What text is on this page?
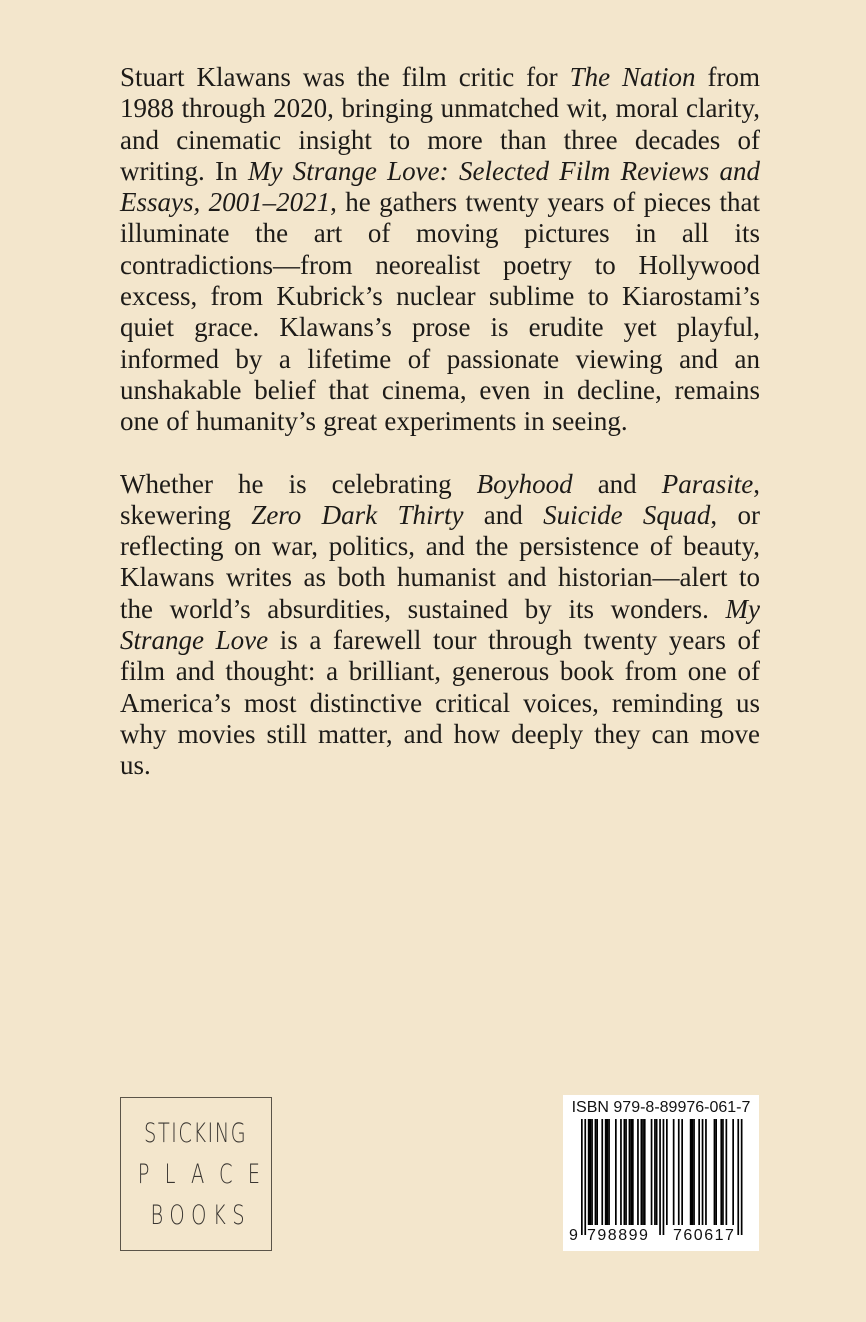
Stuart Klawans was the film critic for The Nation from 1988 through 2020, bringing unmatched wit, moral clarity, and cinematic insight to more than three decades of writing. In My Strange Love: Selected Film Reviews and Essays, 2001–2021, he gathers twenty years of pieces that illuminate the art of moving pictures in all its contradictions—from neorealist poetry to Hollywood excess, from Kubrick’s nuclear sublime to Kiarostami’s quiet grace. Klawans’s prose is erudite yet playful, informed by a lifetime of passionate viewing and an unshakable belief that cinema, even in decline, remains one of humanity’s great experiments in seeing.

Whether he is celebrating Boyhood and Parasite, skewering Zero Dark Thirty and Suicide Squad, or reflecting on war, politics, and the persistence of beauty, Klawans writes as both humanist and historian—alert to the world’s absurdities, sustained by its wonders. My Strange Love is a farewell tour through twenty years of film and thought: a brilliant, generous book from one of America’s most distinctive critical voices, reminding us why movies still matter, and how deeply they can move us.

STICKING
PLACE
BOOKS
ISBN 979-8-89976-061-7
9 798899 760617
